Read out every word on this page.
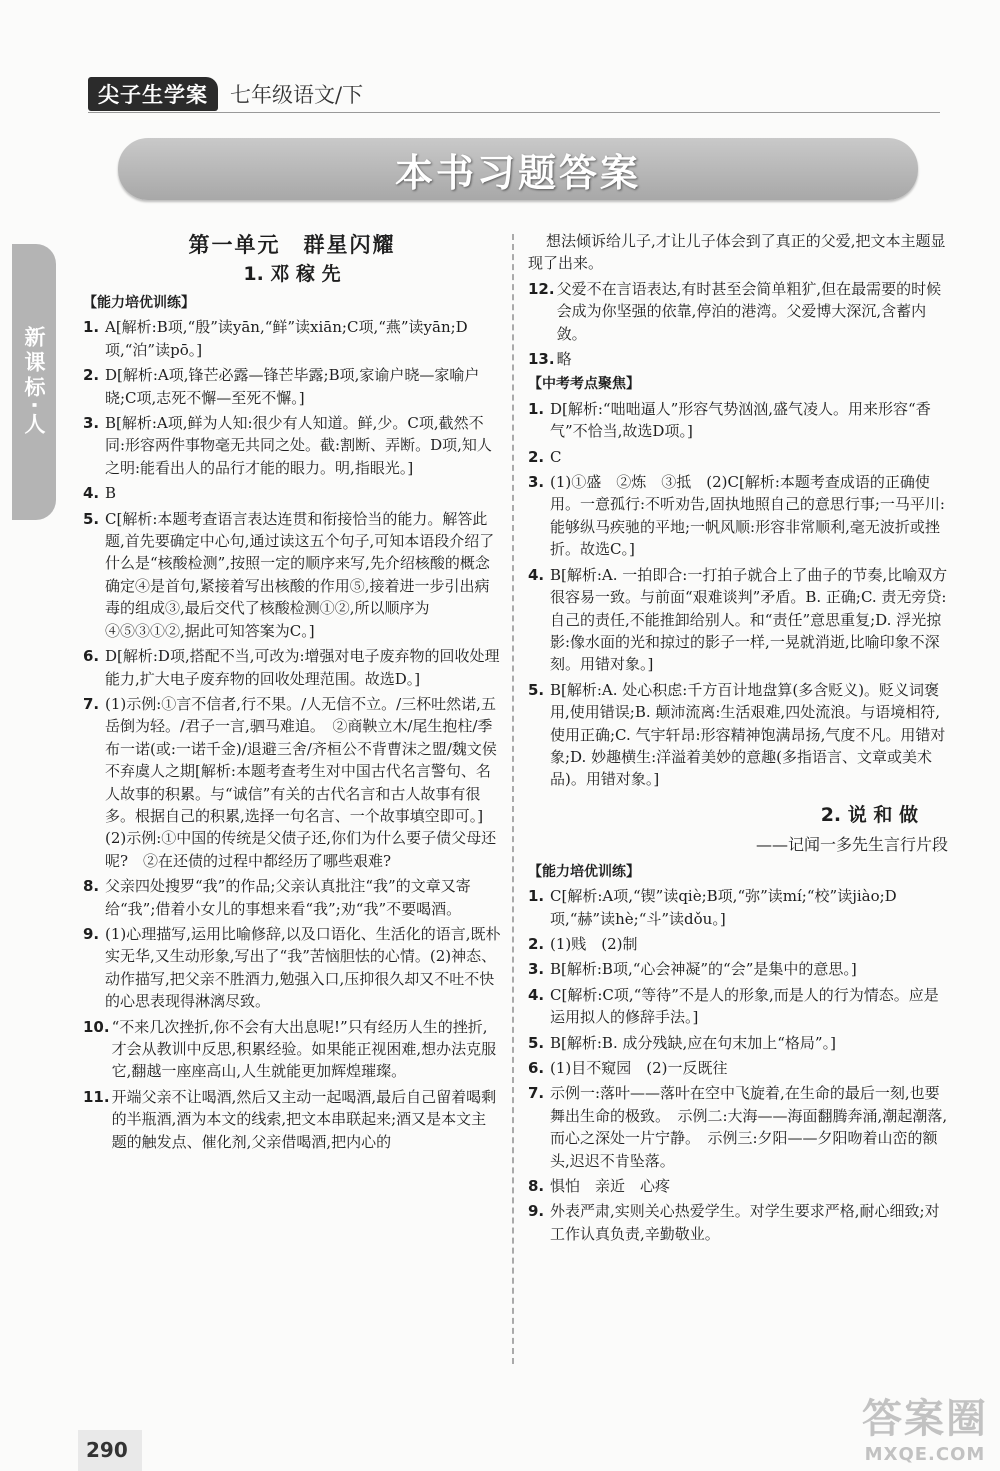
尖子生学案	七年级语文/下
本书习题答案
新课标·人
第一单元　群星闪耀
1. 邓 稼 先
【能力培优训练】
1. A[解析:B项,“殷”读yān,“鲜”读xiān;C项,“燕”读yān;D项,“泊”读pō。]
2. D[解析:A项,锋芒必露—锋芒毕露;B项,家谕户晓—家喻户晓;C项,志死不懈—至死不懈。]
3. B[解析:A项,鲜为人知:很少有人知道。鲜,少。C项,截然不同:形容两件事物毫无共同之处。截:割断、弄断。D项,知人之明:能看出人的品行才能的眼力。明,指眼光。]
4. B
5. C[解析:本题考查语言表达连贯和衔接恰当的能力。解答此题,首先要确定中心句,通过读这五个句子,可知本语段介绍了什么是“核酸检测”,按照一定的顺序来写,先介绍核酸的概念确定④是首句,紧接着写出核酸的作用⑤,接着进一步引出病毒的组成③,最后交代了核酸检测①②,所以顺序为④⑤③①②,据此可知答案为C。]
6. D[解析:D项,搭配不当,可改为:增强对电子废弃物的回收处理能力,扩大电子废弃物的回收处理范围。故选D。]
7. (1)示例:①言不信者,行不果。/人无信不立。/三杯吐然诺,五岳倒为轻。/君子一言,驷马难追。　②商鞅立木/尾生抱柱/季布一诺(或:一诺千金)/退避三舍/齐桓公不背曹沫之盟/魏文侯不弃虞人之期[解析:本题考查考生对中国古代名言警句、名人故事的积累。与“诚信”有关的古代名言和古人故事有很多。根据自己的积累,选择一句名言、一个故事填空即可。]　(2)示例:①中国的传统是父债子还,你们为什么要子债父母还呢?　②在还债的过程中都经历了哪些艰难?
8. 父亲四处搜罗“我”的作品;父亲认真批注“我”的文章又寄给“我”;借着小女儿的事想来看“我”;劝“我”不要喝酒。
9. (1)心理描写,运用比喻修辞,以及口语化、生活化的语言,既朴实无华,又生动形象,写出了“我”苦恼胆怯的心情。(2)神态、动作描写,把父亲不胜酒力,勉强入口,压抑很久却又不吐不快的心思表现得淋漓尽致。
10. “不来几次挫折,你不会有大出息呢!”只有经历人生的挫折,才会从教训中反思,积累经验。如果能正视困难,想办法克服它,翻越一座座高山,人生就能更加辉煌璀璨。
11. 开端父亲不让喝酒,然后又主动一起喝酒,最后自己留着喝剩的半瓶酒,酒为本文的线索,把文本串联起来;酒又是本文主题的触发点、催化剂,父亲借喝酒,把内心的
想法倾诉给儿子,才让儿子体会到了真正的父爱,把文本主题显现了出来。
12. 父爱不在言语表达,有时甚至会简单粗犷,但在最需要的时候会成为你坚强的依靠,停泊的港湾。父爱博大深沉,含蓄内敛。
13. 略
【中考考点聚焦】
1. D[解析:“咄咄逼人”形容气势汹汹,盛气凌人。用来形容“香气”不恰当,故选D项。]
2. C
3. (1)①盛　②炼　③抵　(2)C[解析:本题考查成语的正确使用。一意孤行:不听劝告,固执地照自己的意思行事;一马平川:能够纵马疾驰的平地;一帆风顺:形容非常顺利,毫无波折或挫折。故选C。]
4. B[解析:A. 一拍即合:一打拍子就合上了曲子的节奏,比喻双方很容易一致。与前面“艰难谈判”矛盾。B. 正确;C. 责无旁贷:自己的责任,不能推卸给别人。和“责任”意思重复;D. 浮光掠影:像水面的光和掠过的影子一样,一晃就消逝,比喻印象不深刻。用错对象。]
5. B[解析:A. 处心积虑:千方百计地盘算(多含贬义)。贬义词褒用,使用错误;B. 颠沛流离:生活艰难,四处流浪。与语境相符,使用正确;C. 气宇轩昂:形容精神饱满昂扬,气度不凡。用错对象;D. 妙趣横生:洋溢着美妙的意趣(多指语言、文章或美术品)。用错对象。]
2. 说 和 做
——记闻一多先生言行片段
【能力培优训练】
1. C[解析:A项,“锲”读qiè;B项,“弥”读mí;“校”读jiào;D项,“赫”读hè;“斗”读dǒu。]
2. (1)贱　(2)制
3. B[解析:B项,“心会神凝”的“会”是集中的意思。]
4. C[解析:C项,“等待”不是人的形象,而是人的行为情态。应是运用拟人的修辞手法。]
5. B[解析:B. 成分残缺,应在句末加上“格局”。]
6. (1)目不窥园　(2)一反既往
7. 示例一:落叶——落叶在空中飞旋着,在生命的最后一刻,也要舞出生命的极致。　示例二:大海——海面翻腾奔涌,潮起潮落,而心之深处一片宁静。　示例三:夕阳——夕阳吻着山峦的额头,迟迟不肯坠落。
8. 惧怕　亲近　心疼
9. 外表严肃,实则关心热爱学生。对学生要求严格,耐心细致;对工作认真负责,辛勤敬业。
290
答案圈
MXQE.COM
